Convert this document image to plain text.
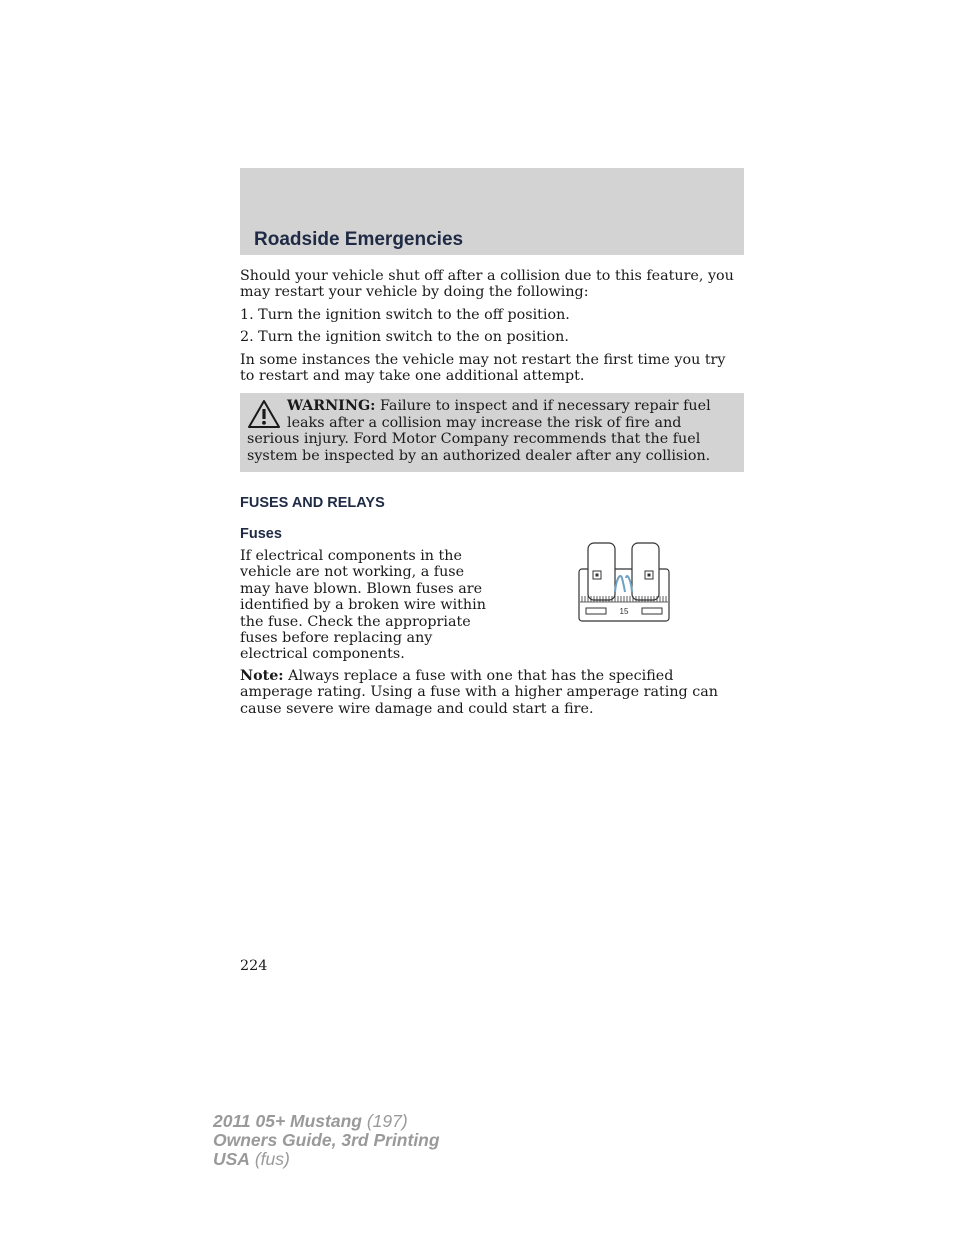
Roadside Emergencies

Should your vehicle shut off after a collision due to this feature, you may restart your vehicle by doing the following:

1. Turn the ignition switch to the off position.

2. Turn the ignition switch to the on position.

In some instances the vehicle may not restart the first time you try to restart and may take one additional attempt.

WARNING: Failure to inspect and if necessary repair fuel leaks after a collision may increase the risk of fire and serious injury. Ford Motor Company recommends that the fuel system be inspected by an authorized dealer after any collision.

FUSES AND RELAYS
Fuses

If electrical components in the vehicle are not working, a fuse may have blown. Blown fuses are identified by a broken wire within the fuse. Check the appropriate fuses before replacing any electrical components.

15

Note: Always replace a fuse with one that has the specified amperage rating. Using a fuse with a higher amperage rating can cause severe wire damage and could start a fire.

224
2011 05+ Mustang (197)
Owners Guide, 3rd Printing
USA (fus)
